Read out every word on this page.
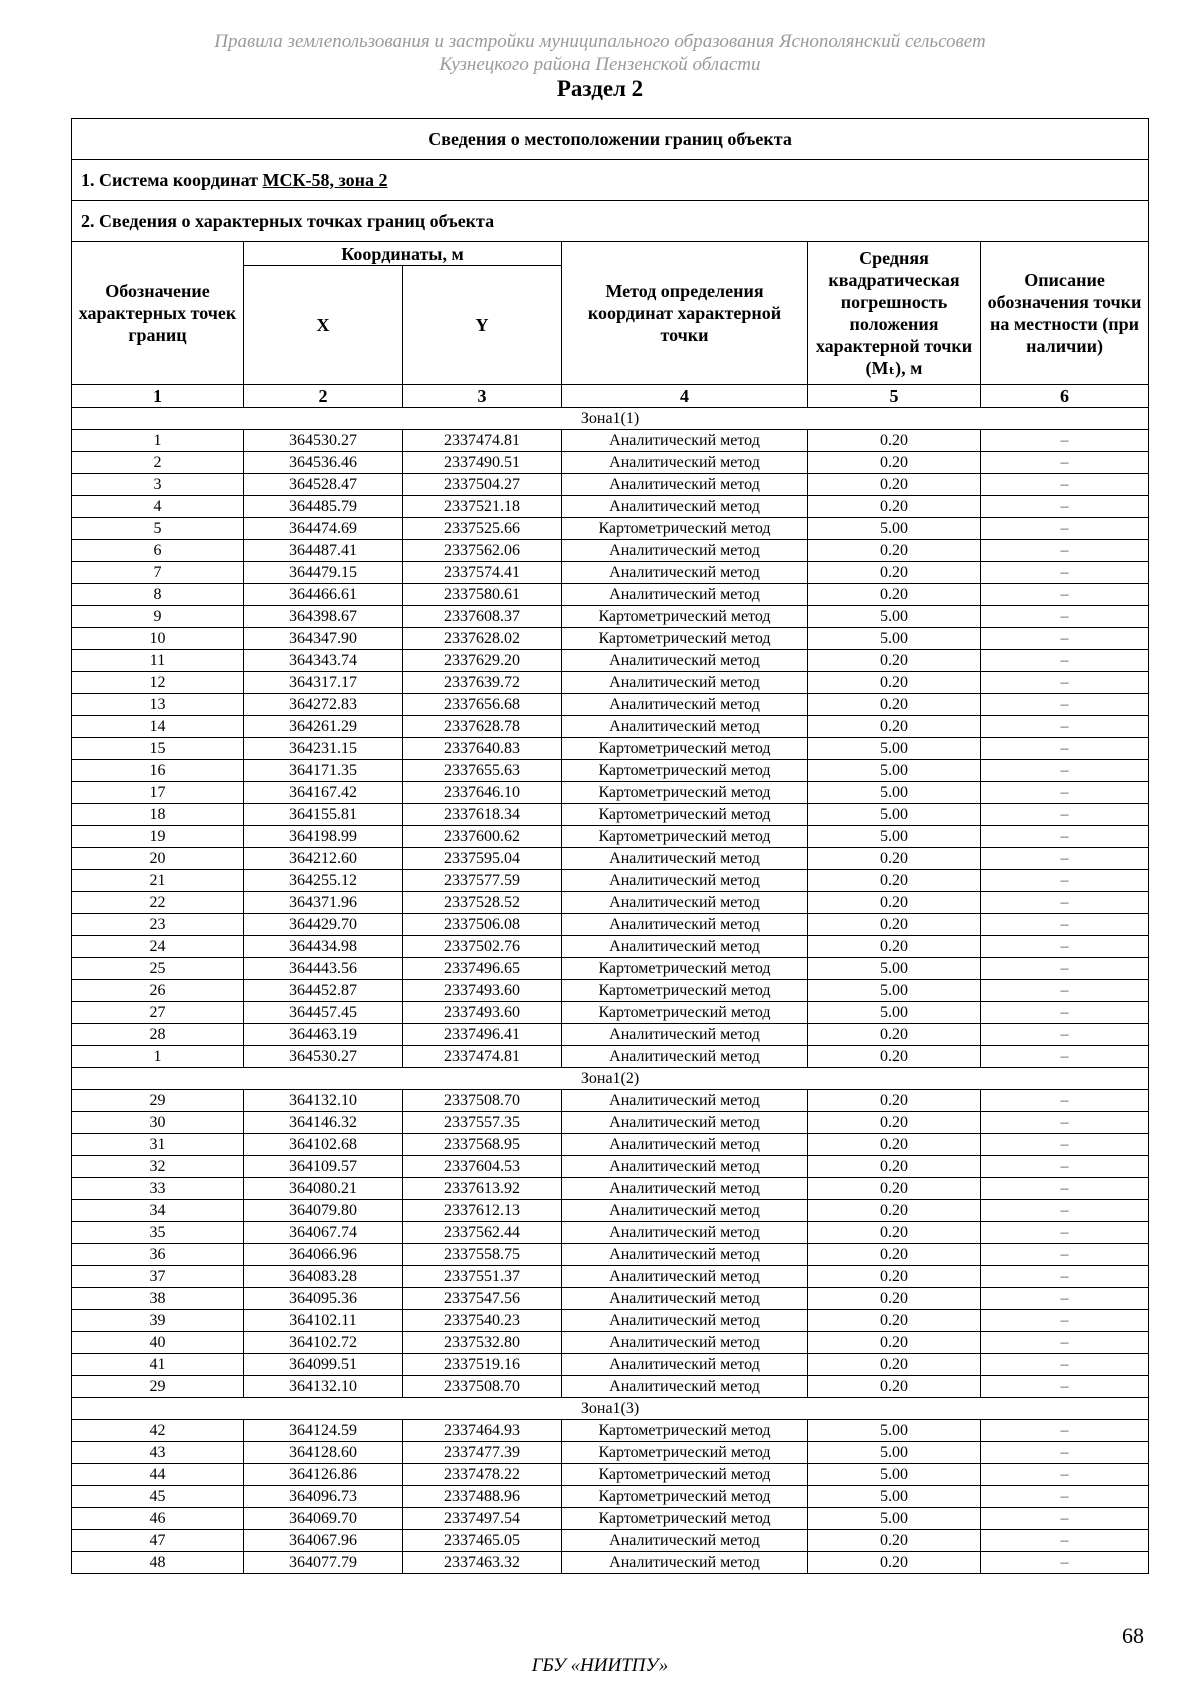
Правила землепользования и застройки муниципального образования Яснополянский сельсовет
Кузнецкого района Пензенской области
Раздел 2
Сведения о местоположении границ объекта					
1. Система координат МСК-58, зона 2					
2. Сведения о характерных точках границ объекта					
Обозначение характерных точек границ	Координаты, м		Метод определения координат характерной точки	Средняя квадратическая погрешность положения характерной точки (Mₜ), м	Описание обозначения точки на местности (при наличии)
	X	Y			
1	2	3	4	5	6
Зона1(1)					
1	364530.27	2337474.81	Аналитический метод	0.20	–
2	364536.46	2337490.51	Аналитический метод	0.20	–
3	364528.47	2337504.27	Аналитический метод	0.20	–
4	364485.79	2337521.18	Аналитический метод	0.20	–
5	364474.69	2337525.66	Картометрический метод	5.00	–
6	364487.41	2337562.06	Аналитический метод	0.20	–
7	364479.15	2337574.41	Аналитический метод	0.20	–
8	364466.61	2337580.61	Аналитический метод	0.20	–
9	364398.67	2337608.37	Картометрический метод	5.00	–
10	364347.90	2337628.02	Картометрический метод	5.00	–
11	364343.74	2337629.20	Аналитический метод	0.20	–
12	364317.17	2337639.72	Аналитический метод	0.20	–
13	364272.83	2337656.68	Аналитический метод	0.20	–
14	364261.29	2337628.78	Аналитический метод	0.20	–
15	364231.15	2337640.83	Картометрический метод	5.00	–
16	364171.35	2337655.63	Картометрический метод	5.00	–
17	364167.42	2337646.10	Картометрический метод	5.00	–
18	364155.81	2337618.34	Картометрический метод	5.00	–
19	364198.99	2337600.62	Картометрический метод	5.00	–
20	364212.60	2337595.04	Аналитический метод	0.20	–
21	364255.12	2337577.59	Аналитический метод	0.20	–
22	364371.96	2337528.52	Аналитический метод	0.20	–
23	364429.70	2337506.08	Аналитический метод	0.20	–
24	364434.98	2337502.76	Аналитический метод	0.20	–
25	364443.56	2337496.65	Картометрический метод	5.00	–
26	364452.87	2337493.60	Картометрический метод	5.00	–
27	364457.45	2337493.60	Картометрический метод	5.00	–
28	364463.19	2337496.41	Аналитический метод	0.20	–
1	364530.27	2337474.81	Аналитический метод	0.20	–
Зона1(2)					
29	364132.10	2337508.70	Аналитический метод	0.20	–
30	364146.32	2337557.35	Аналитический метод	0.20	–
31	364102.68	2337568.95	Аналитический метод	0.20	–
32	364109.57	2337604.53	Аналитический метод	0.20	–
33	364080.21	2337613.92	Аналитический метод	0.20	–
34	364079.80	2337612.13	Аналитический метод	0.20	–
35	364067.74	2337562.44	Аналитический метод	0.20	–
36	364066.96	2337558.75	Аналитический метод	0.20	–
37	364083.28	2337551.37	Аналитический метод	0.20	–
38	364095.36	2337547.56	Аналитический метод	0.20	–
39	364102.11	2337540.23	Аналитический метод	0.20	–
40	364102.72	2337532.80	Аналитический метод	0.20	–
41	364099.51	2337519.16	Аналитический метод	0.20	–
29	364132.10	2337508.70	Аналитический метод	0.20	–
Зона1(3)					
42	364124.59	2337464.93	Картометрический метод	5.00	–
43	364128.60	2337477.39	Картометрический метод	5.00	–
44	364126.86	2337478.22	Картометрический метод	5.00	–
45	364096.73	2337488.96	Картометрический метод	5.00	–
46	364069.70	2337497.54	Картометрический метод	5.00	–
47	364067.96	2337465.05	Аналитический метод	0.20	–
48	364077.79	2337463.32	Аналитический метод	0.20	–
68
ГБУ «НИИТПУ»
